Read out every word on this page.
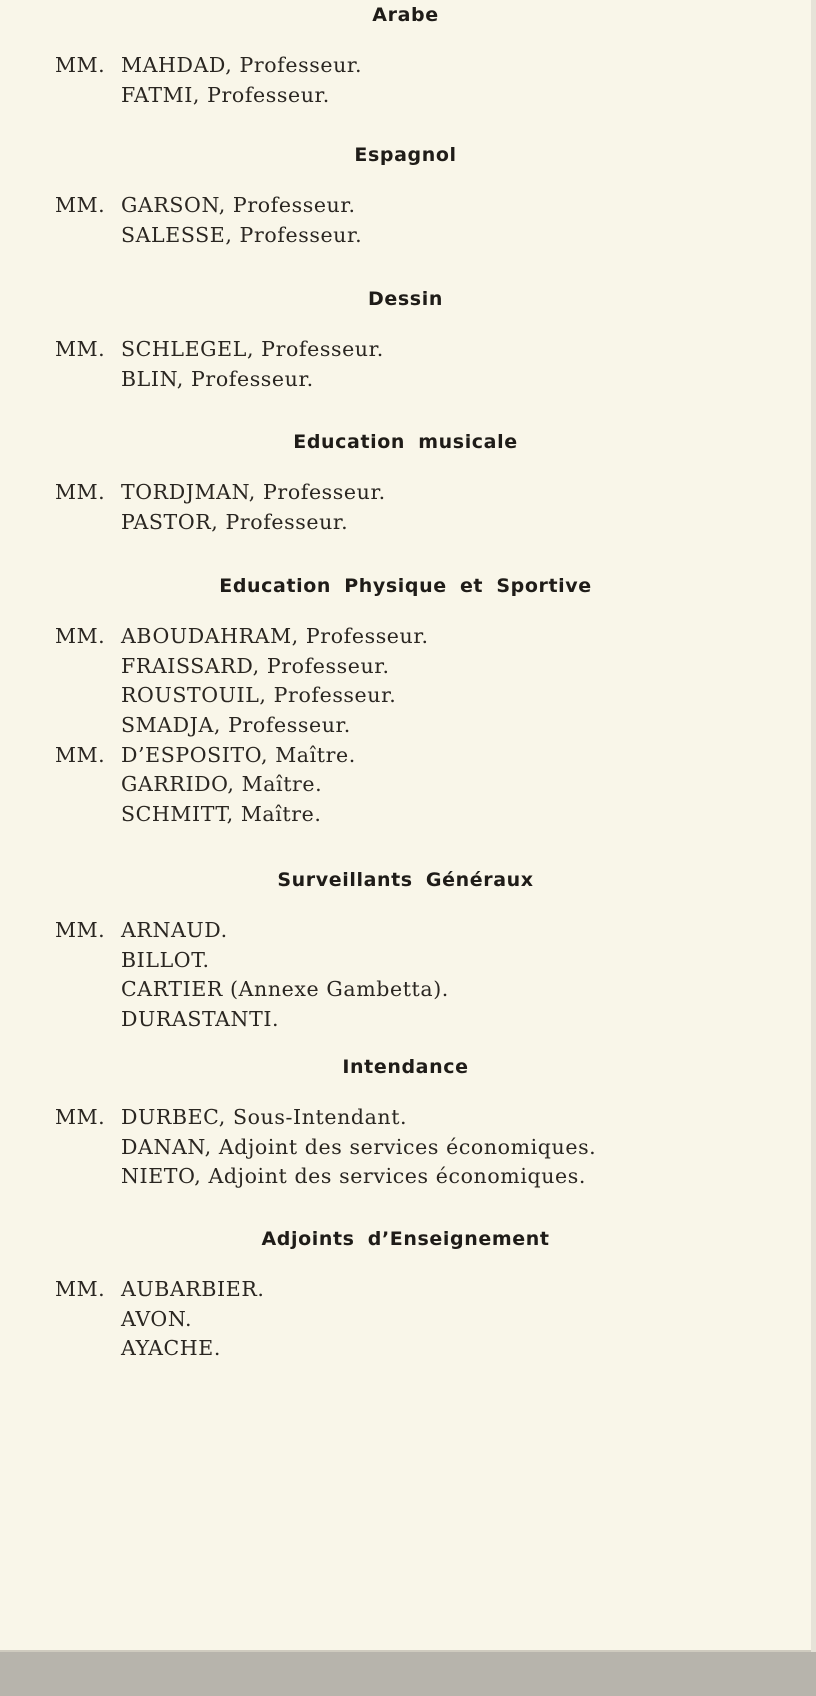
Arabe
MM. MAHDAD, Professeur.
FATMI, Professeur.
Espagnol
MM. GARSON, Professeur.
SALESSE, Professeur.
Dessin
MM. SCHLEGEL, Professeur.
BLIN, Professeur.
Education musicale
MM. TORDJMAN, Professeur.
PASTOR, Professeur.
Education Physique et Sportive
MM. ABOUDAHRAM, Professeur.
FRAISSARD, Professeur.
ROUSTOUIL, Professeur.
SMADJA, Professeur.
MM. D’ESPOSITO, Maître.
GARRIDO, Maître.
SCHMITT, Maître.
Surveillants Généraux
MM. ARNAUD.
BILLOT.
CARTIER (Annexe Gambetta).
DURASTANTI.
Intendance
MM. DURBEC, Sous-Intendant.
DANAN, Adjoint des services économiques.
NIETO, Adjoint des services économiques.
Adjoints d’Enseignement
MM. AUBARBIER.
AVON.
AYACHE.
